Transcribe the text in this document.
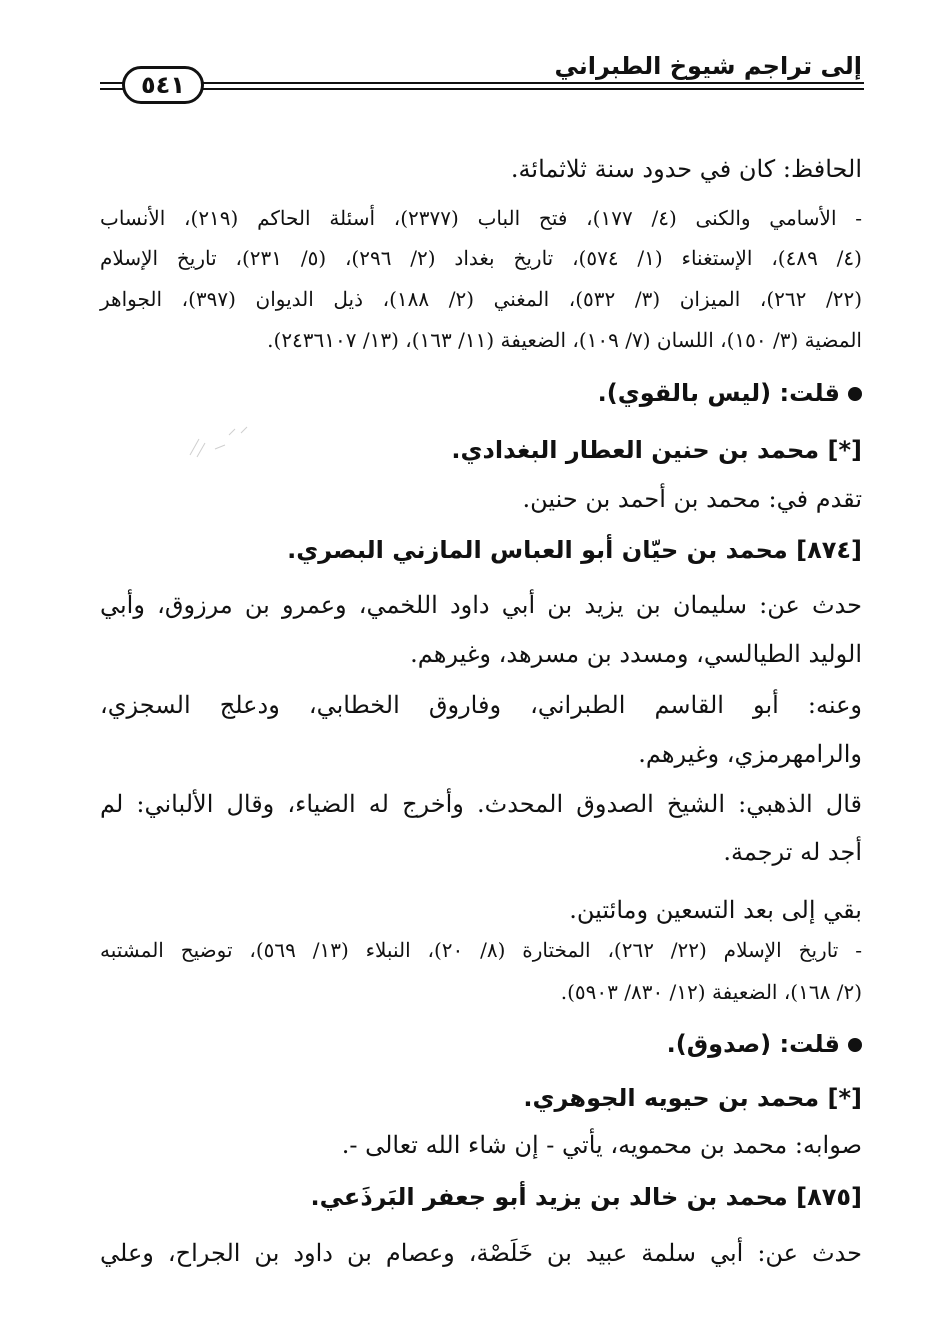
إلى تراجم شيوخ الطبراني
٥٤١

الحافظ: كان في حدود سنة ثلاثمائة.

- الأسامي والكنى (٤/ ١٧٧)، فتح الباب (٢٣٧٧)، أسئلة الحاكم (٢١٩)، الأنساب

(٤/ ٤٨٩)، الإستغناء (١/ ٥٧٤)، تاريخ بغداد (٢/ ٢٩٦)، (٥/ ٢٣١)، تاريخ الإسلام

(٢٢/ ٢٦٢)، الميزان (٣/ ٥٣٢)، المغني (٢/ ١٨٨)، ذيل الديوان (٣٩٧)، الجواهر

المضية (٣/ ١٥٠)، اللسان (٧/ ١٠٩)، الضعيفة (١١/ ١٦٣)، (١٣/ ٢٤٣٦١٠٧).

قلت: (ليس بالقوي).

[*] محمد بن حنين العطار البغدادي.

تقدم في: محمد بن أحمد بن حنين.

[٨٧٤] محمد بن حيّان أبو العباس المازني البصري.

حدث عن: سليمان بن يزيد بن أبي داود اللخمي، وعمرو بن مرزوق، وأبي

الوليد الطيالسي، ومسدد بن مسرهد، وغيرهم.

وعنه: أبو القاسم الطبراني، وفاروق الخطابي، ودعلج السجزي،

والرامهرمزي، وغيرهم.

قال الذهبي: الشيخ الصدوق المحدث. وأخرج له الضياء، وقال الألباني: لم

أجد له ترجمة.

بقي إلى بعد التسعين ومائتين.

- تاريخ الإسلام (٢٢/ ٢٦٢)، المختارة (٨/ ٢٠)، النبلاء (١٣/ ٥٦٩)، توضيح المشتبه

(٢/ ١٦٨)، الضعيفة (١٢/ ٨٣٠/ ٥٩٠٣).

قلت: (صدوق).

[*] محمد بن حيويه الجوهري.

صوابه: محمد بن محمويه، يأتي - إن شاء الله تعالى -.

[٨٧٥] محمد بن خالد بن يزيد أبو جعفر البَرذَعي.

حدث عن: أبي سلمة عبيد بن خَلَصْة، وعصام بن داود بن الجراح، وعلي
